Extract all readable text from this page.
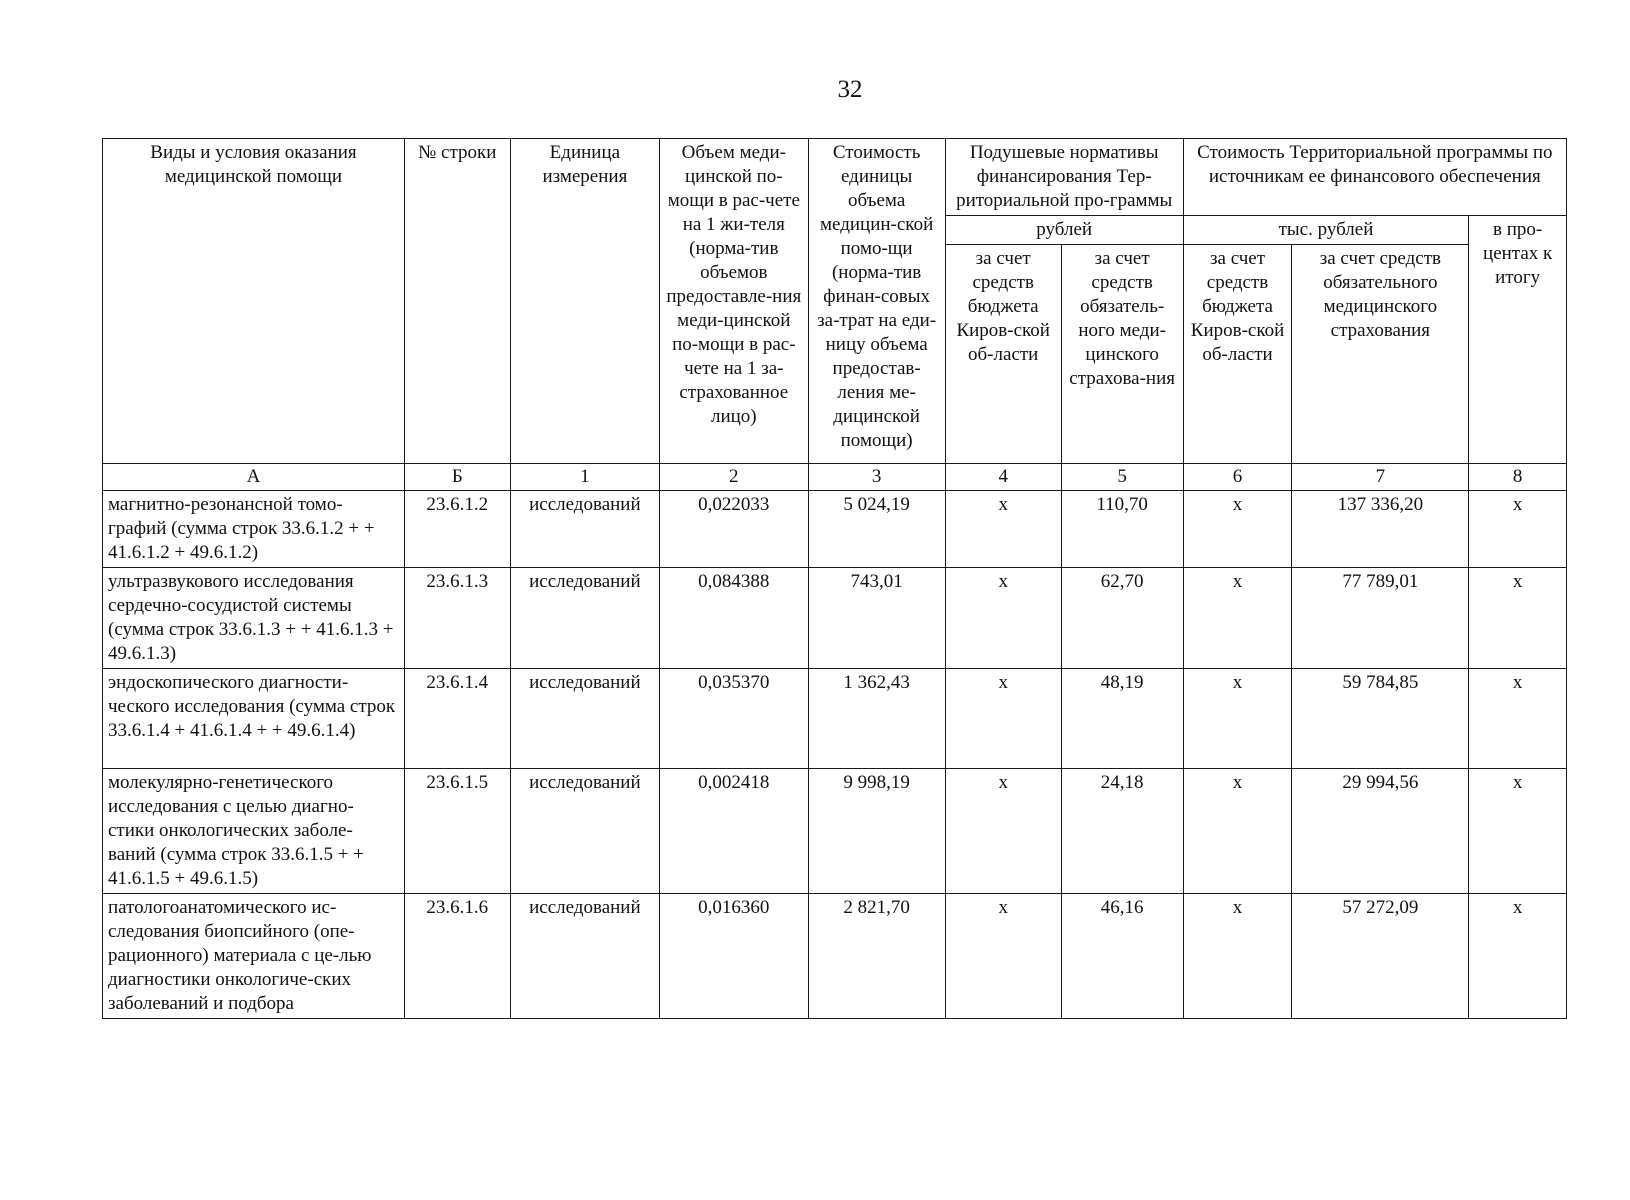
32
Виды и условия оказания медицинской помощи	№ строки	Единица измерения	Объем меди-цинской по-мощи в рас-чете на 1 жи-теля (норма-тив объемов предоставле-ния меди-цинской по-мощи в рас-чете на 1 за-страхованное лицо)	Стоимость единицы объема медицин-ской помо-щи (норма-тив финан-совых за-трат на еди-ницу объема предостав-ления ме-дицинской помощи)	Подушевые нормативы финансирования Тер-риториальной про-граммы		Стоимость Территориальной программы по источникам ее финансового обеспечения		
					рублей		тыс. рублей		в про-центах к итогу
					за счет средств бюджета Киров-ской об-ласти	за счет средств обязатель-ного меди-цинского страхова-ния	за счет средств бюджета Киров-ской об-ласти	за счет средств обязательного медицинского страхования	
А	Б	1	2	3	4	5	6	7	8
магнитно-резонансной томо-графий (сумма строк 33.6.1.2 + + 41.6.1.2 + 49.6.1.2)	23.6.1.2	исследований	0,022033	5 024,19	х	110,70	х	137 336,20	х
ультразвукового исследования сердечно-сосудистой системы (сумма строк 33.6.1.3 + + 41.6.1.3 + 49.6.1.3)	23.6.1.3	исследований	0,084388	743,01	х	62,70	х	77 789,01	х
эндоскопического диагности-ческого исследования (сумма строк 33.6.1.4 + 41.6.1.4 + + 49.6.1.4)	23.6.1.4	исследований	0,035370	1 362,43	х	48,19	х	59 784,85	х
молекулярно-генетического исследования с целью диагно-стики онкологических заболе-ваний (сумма строк 33.6.1.5 + + 41.6.1.5 + 49.6.1.5)	23.6.1.5	исследований	0,002418	9 998,19	х	24,18	х	29 994,56	х
патологоанатомического ис-следования биопсийного (опе-рационного) материала с це-лью диагностики онкологиче-ских заболеваний и подбора	23.6.1.6	исследований	0,016360	2 821,70	х	46,16	х	57 272,09	х
